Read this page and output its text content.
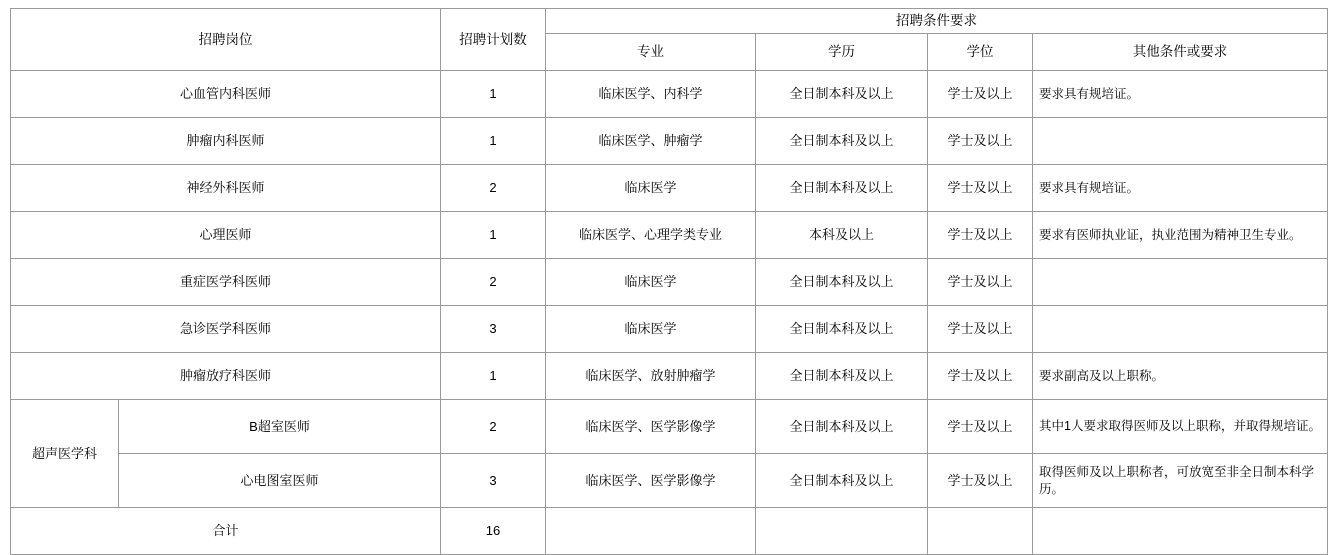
招聘岗位		招聘计划数	招聘条件要求			
			专业	学历	学位	其他条件或要求
心血管内科医师		1	临床医学、内科学	全日制本科及以上	学士及以上	要求具有规培证。
肿瘤内科医师		1	临床医学、肿瘤学	全日制本科及以上	学士及以上	
神经外科医师		2	临床医学	全日制本科及以上	学士及以上	要求具有规培证。
心理医师		1	临床医学、心理学类专业	本科及以上	学士及以上	要求有医师执业证，执业范围为精神卫生专业。
重症医学科医师		2	临床医学	全日制本科及以上	学士及以上	
急诊医学科医师		3	临床医学	全日制本科及以上	学士及以上	
肿瘤放疗科医师		1	临床医学、放射肿瘤学	全日制本科及以上	学士及以上	要求副高及以上职称。
超声医学科	B超室医师	2	临床医学、医学影像学	全日制本科及以上	学士及以上	其中1人要求取得医师及以上职称，并取得规培证。
	心电图室医师	3	临床医学、医学影像学	全日制本科及以上	学士及以上	取得医师及以上职称者，可放宽至非全日制本科学历。
合计		16				
